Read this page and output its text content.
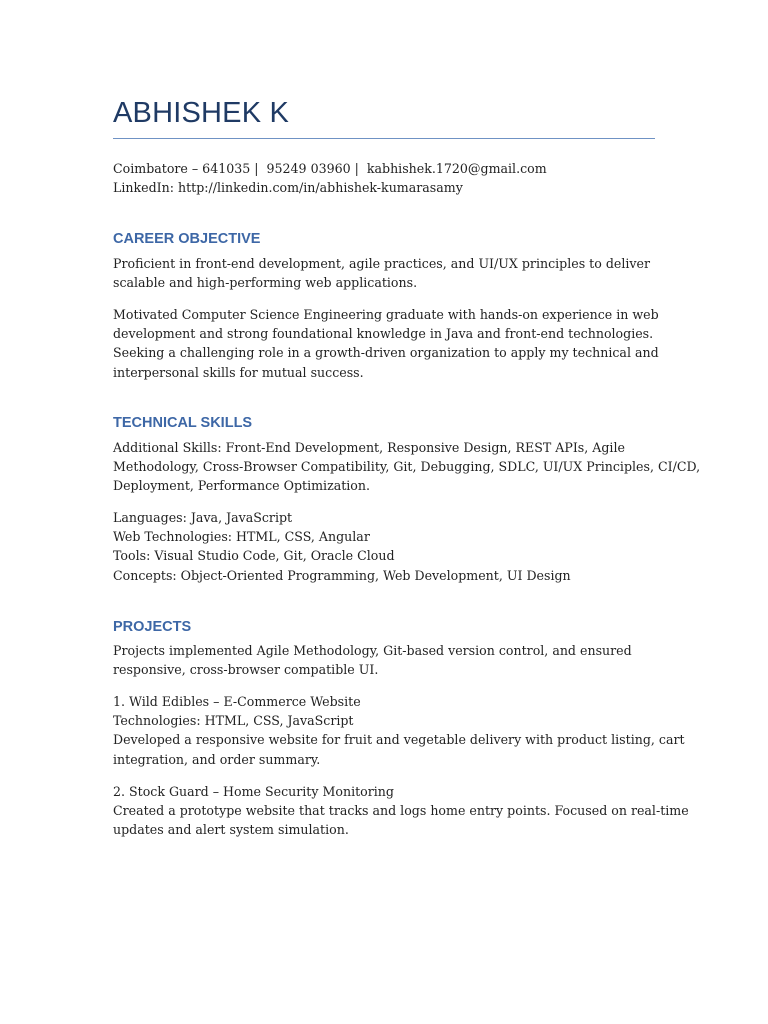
ABHISHEK K

Coimbatore – 641035 | 95249 03960 | kabhishek.1720@gmail.com

LinkedIn: http://linkedin.com/in/abhishek-kumarasamy

CAREER OBJECTIVE

Proficient in front-end development, agile practices, and UI/UX principles to deliver

scalable and high-performing web applications.

Motivated Computer Science Engineering graduate with hands-on experience in web

development and strong foundational knowledge in Java and front-end technologies.

Seeking a challenging role in a growth-driven organization to apply my technical and

interpersonal skills for mutual success.

TECHNICAL SKILLS

Additional Skills: Front-End Development, Responsive Design, REST APIs, Agile

Methodology, Cross-Browser Compatibility, Git, Debugging, SDLC, UI/UX Principles, CI/CD,

Deployment, Performance Optimization.

Languages: Java, JavaScript

Web Technologies: HTML, CSS, Angular

Tools: Visual Studio Code, Git, Oracle Cloud

Concepts: Object-Oriented Programming, Web Development, UI Design

PROJECTS

Projects implemented Agile Methodology, Git-based version control, and ensured

responsive, cross-browser compatible UI.

1. Wild Edibles – E-Commerce Website

Technologies: HTML, CSS, JavaScript

Developed a responsive website for fruit and vegetable delivery with product listing, cart

integration, and order summary.

2. Stock Guard – Home Security Monitoring

Created a prototype website that tracks and logs home entry points. Focused on real-time

updates and alert system simulation.
